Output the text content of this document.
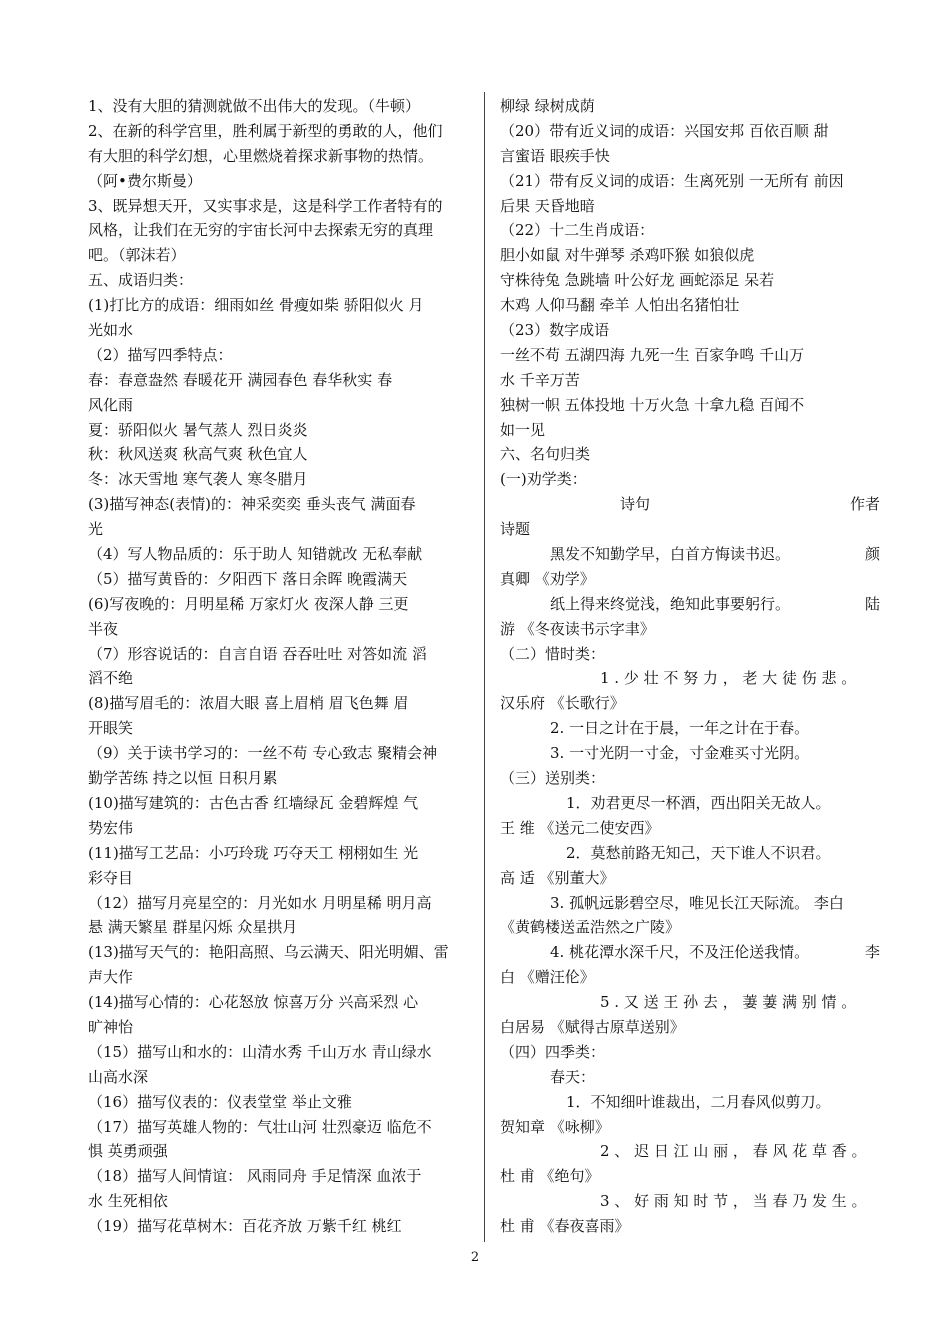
1、没有大胆的猜测就做不出伟大的发现。（牛顿）
2、在新的科学宫里，胜利属于新型的勇敢的人，他们
有大胆的科学幻想，心里燃烧着探求新事物的热情。
（阿•费尔斯曼）
3、既异想天开，又实事求是，这是科学工作者特有的
风格，让我们在无穷的宇宙长河中去探索无穷的真理
吧。（郭沫若）
五、成语归类：
(1)打比方的成语：细雨如丝 骨瘦如柴 骄阳似火 月
光如水
（2）描写四季特点：
春：春意盎然 春暖花开 满园春色 春华秋实 春
风化雨
夏：骄阳似火 暑气蒸人 烈日炎炎
秋：秋风送爽 秋高气爽 秋色宜人
冬：冰天雪地 寒气袭人 寒冬腊月
(3)描写神态(表情)的：神采奕奕 垂头丧气 满面春
光
（4）写人物品质的：乐于助人 知错就改 无私奉献
（5）描写黄昏的：夕阳西下 落日余晖 晚霞满天
(6)写夜晚的：月明星稀 万家灯火 夜深人静 三更
半夜
（7）形容说话的：自言自语 吞吞吐吐 对答如流 滔
滔不绝
(8)描写眉毛的：浓眉大眼 喜上眉梢 眉飞色舞 眉
开眼笑
（9）关于读书学习的：一丝不苟 专心致志 聚精会神
勤学苦练 持之以恒 日积月累
(10)描写建筑的：古色古香 红墙绿瓦 金碧辉煌 气
势宏伟
(11)描写工艺品：小巧玲珑 巧夺天工 栩栩如生 光
彩夺目
（12）描写月亮星空的：月光如水 月明星稀 明月高
悬 满天繁星 群星闪烁 众星拱月
(13)描写天气的：艳阳高照、乌云满天、阳光明媚、雷
声大作
(14)描写心情的：心花怒放 惊喜万分 兴高采烈 心
旷神怡
（15）描写山和水的：山清水秀 千山万水 青山绿水
山高水深
（16）描写仪表的：仪表堂堂 举止文雅
（17）描写英雄人物的：气壮山河 壮烈豪迈 临危不
惧 英勇顽强
（18）描写人间情谊： 风雨同舟 手足情深 血浓于
水 生死相依
（19）描写花草树木：百花齐放 万紫千红 桃红
柳绿 绿树成荫
（20）带有近义词的成语：兴国安邦 百依百顺 甜
言蜜语 眼疾手快
（21）带有反义词的成语：生离死别 一无所有 前因
后果 天昏地暗
（22）十二生肖成语：
胆小如鼠 对牛弹琴 杀鸡吓猴 如狼似虎
守株待兔 急跳墙 叶公好龙 画蛇添足 呆若
木鸡 人仰马翻 牵羊 人怕出名猪怕壮
（23）数字成语
一丝不苟 五湖四海 九死一生 百家争鸣 千山万
水 千辛万苦
独树一帜 五体投地 十万火急 十拿九稳 百闻不
如一见
六、名句归类
(一)劝学类：
诗句	作者
诗题
黑发不知勤学早，白首方悔读书迟。	颜
真卿 《劝学》
纸上得来终觉浅，绝知此事要躬行。	陆
游 《冬夜读书示字聿》
（二）惜时类：
1 . 少 壮 不 努 力 ， 老 大 徒 伤 悲 。
汉乐府 《长歌行》
2. 一日之计在于晨，一年之计在于春。
3. 一寸光阴一寸金，寸金难买寸光阴。
（三）送别类：
1．劝君更尽一杯酒，西出阳关无故人。
王 维 《送元二使安西》
2．莫愁前路无知己，天下谁人不识君。
高 适 《别董大》
3. 孤帆远影碧空尽，唯见长江天际流。 李白
《黄鹤楼送孟浩然之广陵》
4. 桃花潭水深千尺，不及汪伦送我情。	李
白 《赠汪伦》
5 . 又 送 王 孙 去 ， 萋 萋 满 别 情 。
白居易 《赋得古原草送别》
（四）四季类：
春天：
1．不知细叶谁裁出，二月春风似剪刀。
贺知章 《咏柳》
2 、 迟 日 江 山 丽 ， 春 风 花 草 香 。
杜 甫 《绝句》
3 、 好 雨 知 时 节 ， 当 春 乃 发 生 。
杜 甫 《春夜喜雨》
2
